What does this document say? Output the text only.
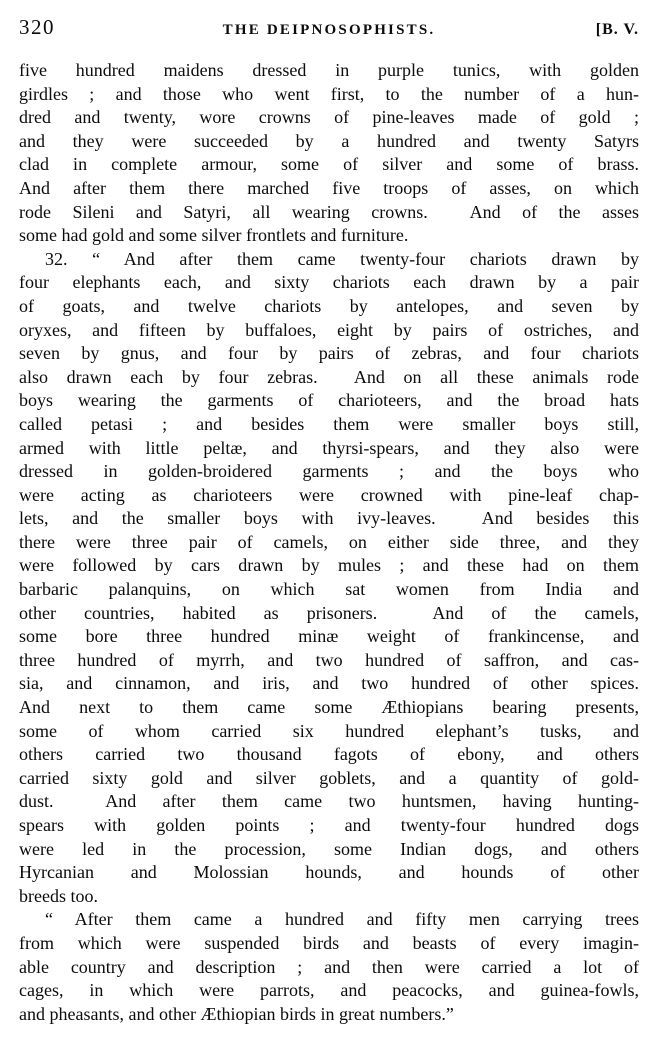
320	THE DEIPNOSOPHISTS.	[B. V.
five hundred maidens dressed in purple tunics, with golden
girdles ; and those who went first, to the number of a hun-
dred and twenty, wore crowns of pine-leaves made of gold ;
and they were succeeded by a hundred and twenty Satyrs
clad in complete armour, some of silver and some of brass.
And after them there marched five troops of asses, on which
rode Sileni and Satyri, all wearing crowns.  And of the asses
some had gold and some silver frontlets and furniture.
32. “ And after them came twenty-four chariots drawn by
four elephants each, and sixty chariots each drawn by a pair
of goats, and twelve chariots by antelopes, and seven by
oryxes, and fifteen by buffaloes, eight by pairs of ostriches, and
seven by gnus, and four by pairs of zebras, and four chariots
also drawn each by four zebras.  And on all these animals rode
boys wearing the garments of charioteers, and the broad hats
called petasi ; and besides them were smaller boys still,
armed with little peltæ, and thyrsi-spears, and they also were
dressed in golden-broidered garments ; and the boys who
were acting as charioteers were crowned with pine-leaf chap-
lets, and the smaller boys with ivy-leaves.  And besides this
there were three pair of camels, on either side three, and they
were followed by cars drawn by mules ; and these had on them
barbaric palanquins, on which sat women from India and
other countries, habited as prisoners.  And of the camels,
some bore three hundred minæ weight of frankincense, and
three hundred of myrrh, and two hundred of saffron, and cas-
sia, and cinnamon, and iris, and two hundred of other spices.
And next to them came some Æthiopians bearing presents,
some of whom carried six hundred elephant’s tusks, and
others carried two thousand fagots of ebony, and others
carried sixty gold and silver goblets, and a quantity of gold-
dust.  And after them came two huntsmen, having hunting-
spears with golden points ; and twenty-four hundred dogs
were led in the procession, some Indian dogs, and others
Hyrcanian and Molossian hounds, and hounds of other
breeds too.
“ After them came a hundred and fifty men carrying trees
from which were suspended birds and beasts of every imagin-
able country and description ; and then were carried a lot of
cages, in which were parrots, and peacocks, and guinea-fowls,
and pheasants, and other Æthiopian birds in great numbers.”
